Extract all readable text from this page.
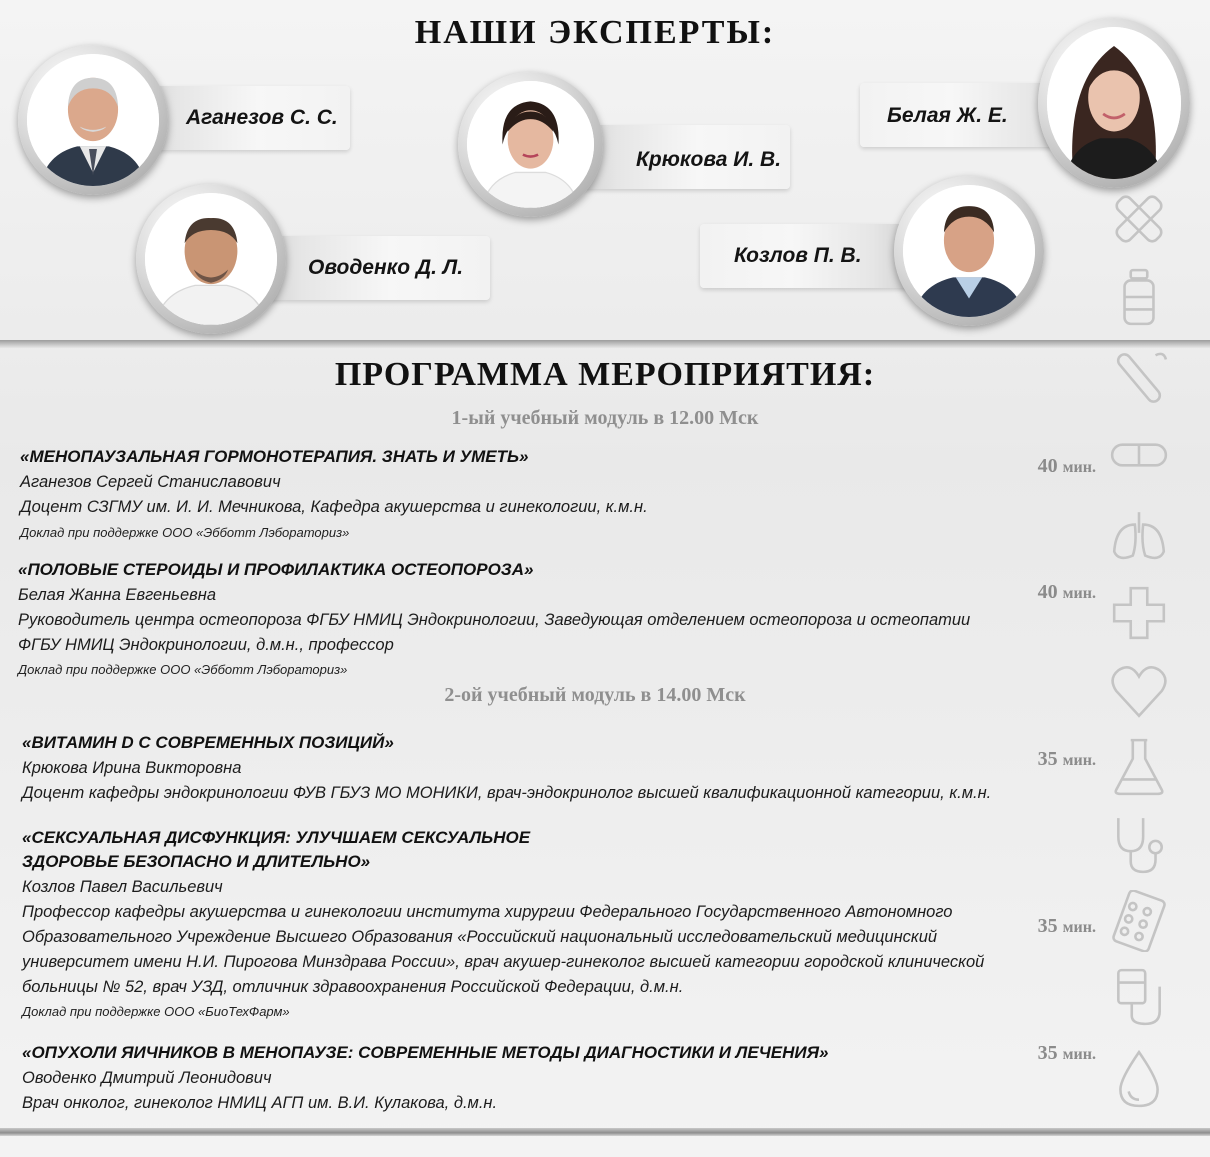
НАШИ ЭКСПЕРТЫ:
Аганезов С. С.
Оводенко Д. Л.
Крюкова И. В.
Белая Ж. Е.
Козлов П. В.
ПРОГРАММА МЕРОПРИЯТИЯ:
1-ый учебный модуль в 12.00 Мск
«МЕНОПАУЗАЛЬНАЯ ГОРМОНОТЕРАПИЯ. ЗНАТЬ И УМЕТЬ»
Аганезов Сергей Станиславович
Доцент СЗГМУ им. И. И. Мечникова, Кафедра акушерства и гинекологии, к.м.н.
Доклад при поддержке ООО «Эбботт Лэбораториз»
40 мин.
«ПОЛОВЫЕ СТЕРОИДЫ И ПРОФИЛАКТИКА ОСТЕОПОРОЗА»
Белая Жанна Евгеньевна
Руководитель центра остеопороза ФГБУ НМИЦ Эндокринологии, Заведующая отделением остеопороза и остеопатии
ФГБУ НМИЦ Эндокринологии, д.м.н., профессор
Доклад при поддержке ООО «Эбботт Лэбораториз»
40 мин.
2-ой учебный модуль в 14.00 Мск
«ВИТАМИН D С СОВРЕМЕННЫХ ПОЗИЦИЙ»
Крюкова Ирина Викторовна
Доцент кафедры эндокринологии ФУВ ГБУЗ МО МОНИКИ, врач-эндокринолог высшей квалификационной категории, к.м.н.
35 мин.
«СЕКСУАЛЬНАЯ ДИСФУНКЦИЯ: УЛУЧШАЕМ СЕКСУАЛЬНОЕ
ЗДОРОВЬЕ БЕЗОПАСНО И ДЛИТЕЛЬНО»
Козлов Павел Васильевич
Профессор кафедры акушерства и гинекологии института хирургии Федерального Государственного Автономного
Образовательного Учреждение Высшего Образования «Российский национальный исследовательский медицинский
университет имени Н.И. Пирогова Минздрава России», врач акушер-гинеколог высшей категории городской клинической
больницы № 52, врач УЗД, отличник здравоохранения Российской Федерации, д.м.н.
Доклад при поддержке ООО «БиоТехФарм»
35 мин.
«ОПУХОЛИ ЯИЧНИКОВ В МЕНОПАУЗЕ: СОВРЕМЕННЫЕ МЕТОДЫ ДИАГНОСТИКИ И ЛЕЧЕНИЯ»
Оводенко Дмитрий Леонидович
Врач онколог, гинеколог НМИЦ АГП им. В.И. Кулакова, д.м.н.
35 мин.
